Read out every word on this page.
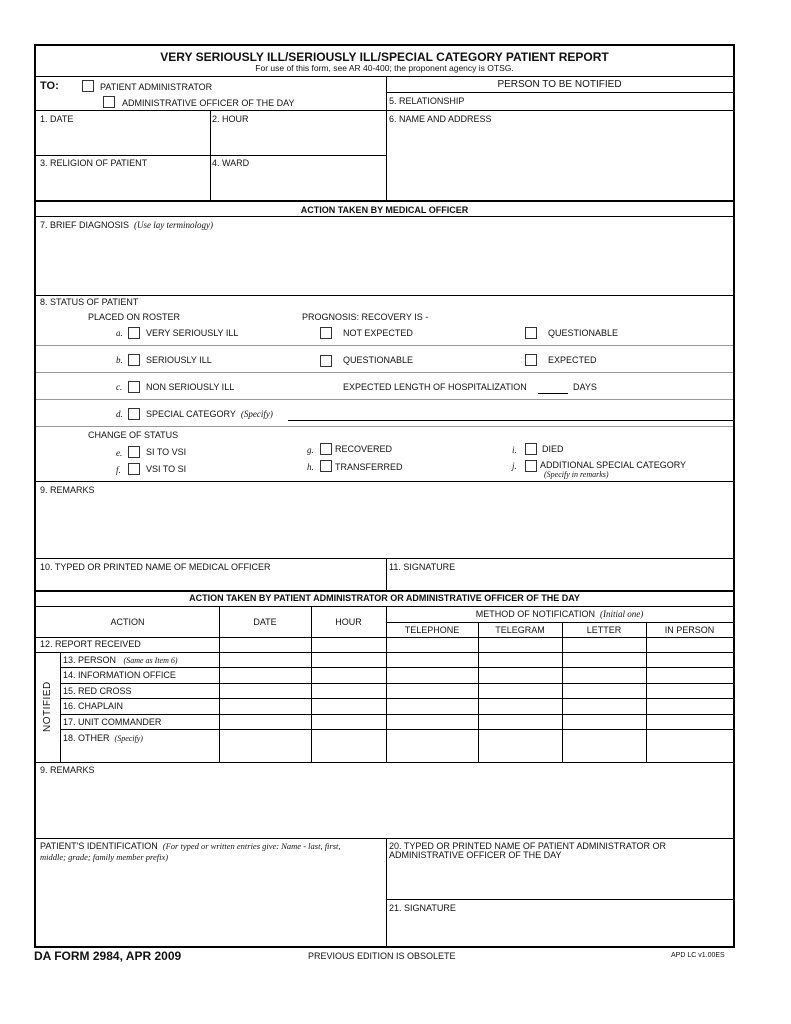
VERY SERIOUSLY ILL/SERIOUSLY ILL/SPECIAL CATEGORY PATIENT REPORT
For use of this form, see AR 40-400; the proponent agency is OTSG.
TO:	PATIENT ADMINISTRATOR
ADMINISTRATIVE OFFICER OF THE DAY
PERSON TO BE NOTIFIED
5. RELATIONSHIP
1. DATE	2. HOUR	6. NAME AND ADDRESS
3. RELIGION OF PATIENT	4. WARD
ACTION TAKEN BY MEDICAL OFFICER
7. BRIEF DIAGNOSIS (Use lay terminology)
8. STATUS OF PATIENT
PLACED ON ROSTER	PROGNOSIS: RECOVERY IS -
a.	VERY SERIOUSLY ILL	NOT EXPECTED	QUESTIONABLE
b.	SERIOUSLY ILL	QUESTIONABLE	EXPECTED
c.	NON SERIOUSLY ILL	EXPECTED LENGTH OF HOSPITALIZATION	DAYS
d.	SPECIAL CATEGORY (Specify)
CHANGE OF STATUS
e.	SI TO VSI
f.	VSI TO SI
g. RECOVERED
h. TRANSFERRED
i.	DIED
j.	ADDITIONAL SPECIAL CATEGORY
(Specify in remarks)
9. REMARKS
10. TYPED OR PRINTED NAME OF MEDICAL OFFICER	11. SIGNATURE
ACTION TAKEN BY PATIENT ADMINISTRATOR OR ADMINISTRATIVE OFFICER OF THE DAY
ACTION	DATE	HOUR
METHOD OF NOTIFICATION (Initial one)
TELEPHONE	TELEGRAM	LETTER	IN PERSON
12. REPORT RECEIVED
NOTIFIED
13. PERSON (Same as Item 6)
14. INFORMATION OFFICE
15. RED CROSS
16. CHAPLAIN
17. UNIT COMMANDER
18. OTHER (Specify)
9. REMARKS
PATIENT'S IDENTIFICATION (For typed or written entries give: Name - last, first,
middle; grade; family member prefix)
20. TYPED OR PRINTED NAME OF PATIENT ADMINISTRATOR OR
ADMINISTRATIVE OFFICER OF THE DAY
21. SIGNATURE
DA FORM 2984, APR 2009	PREVIOUS EDITION IS OBSOLETE	APD LC v1.00ES
